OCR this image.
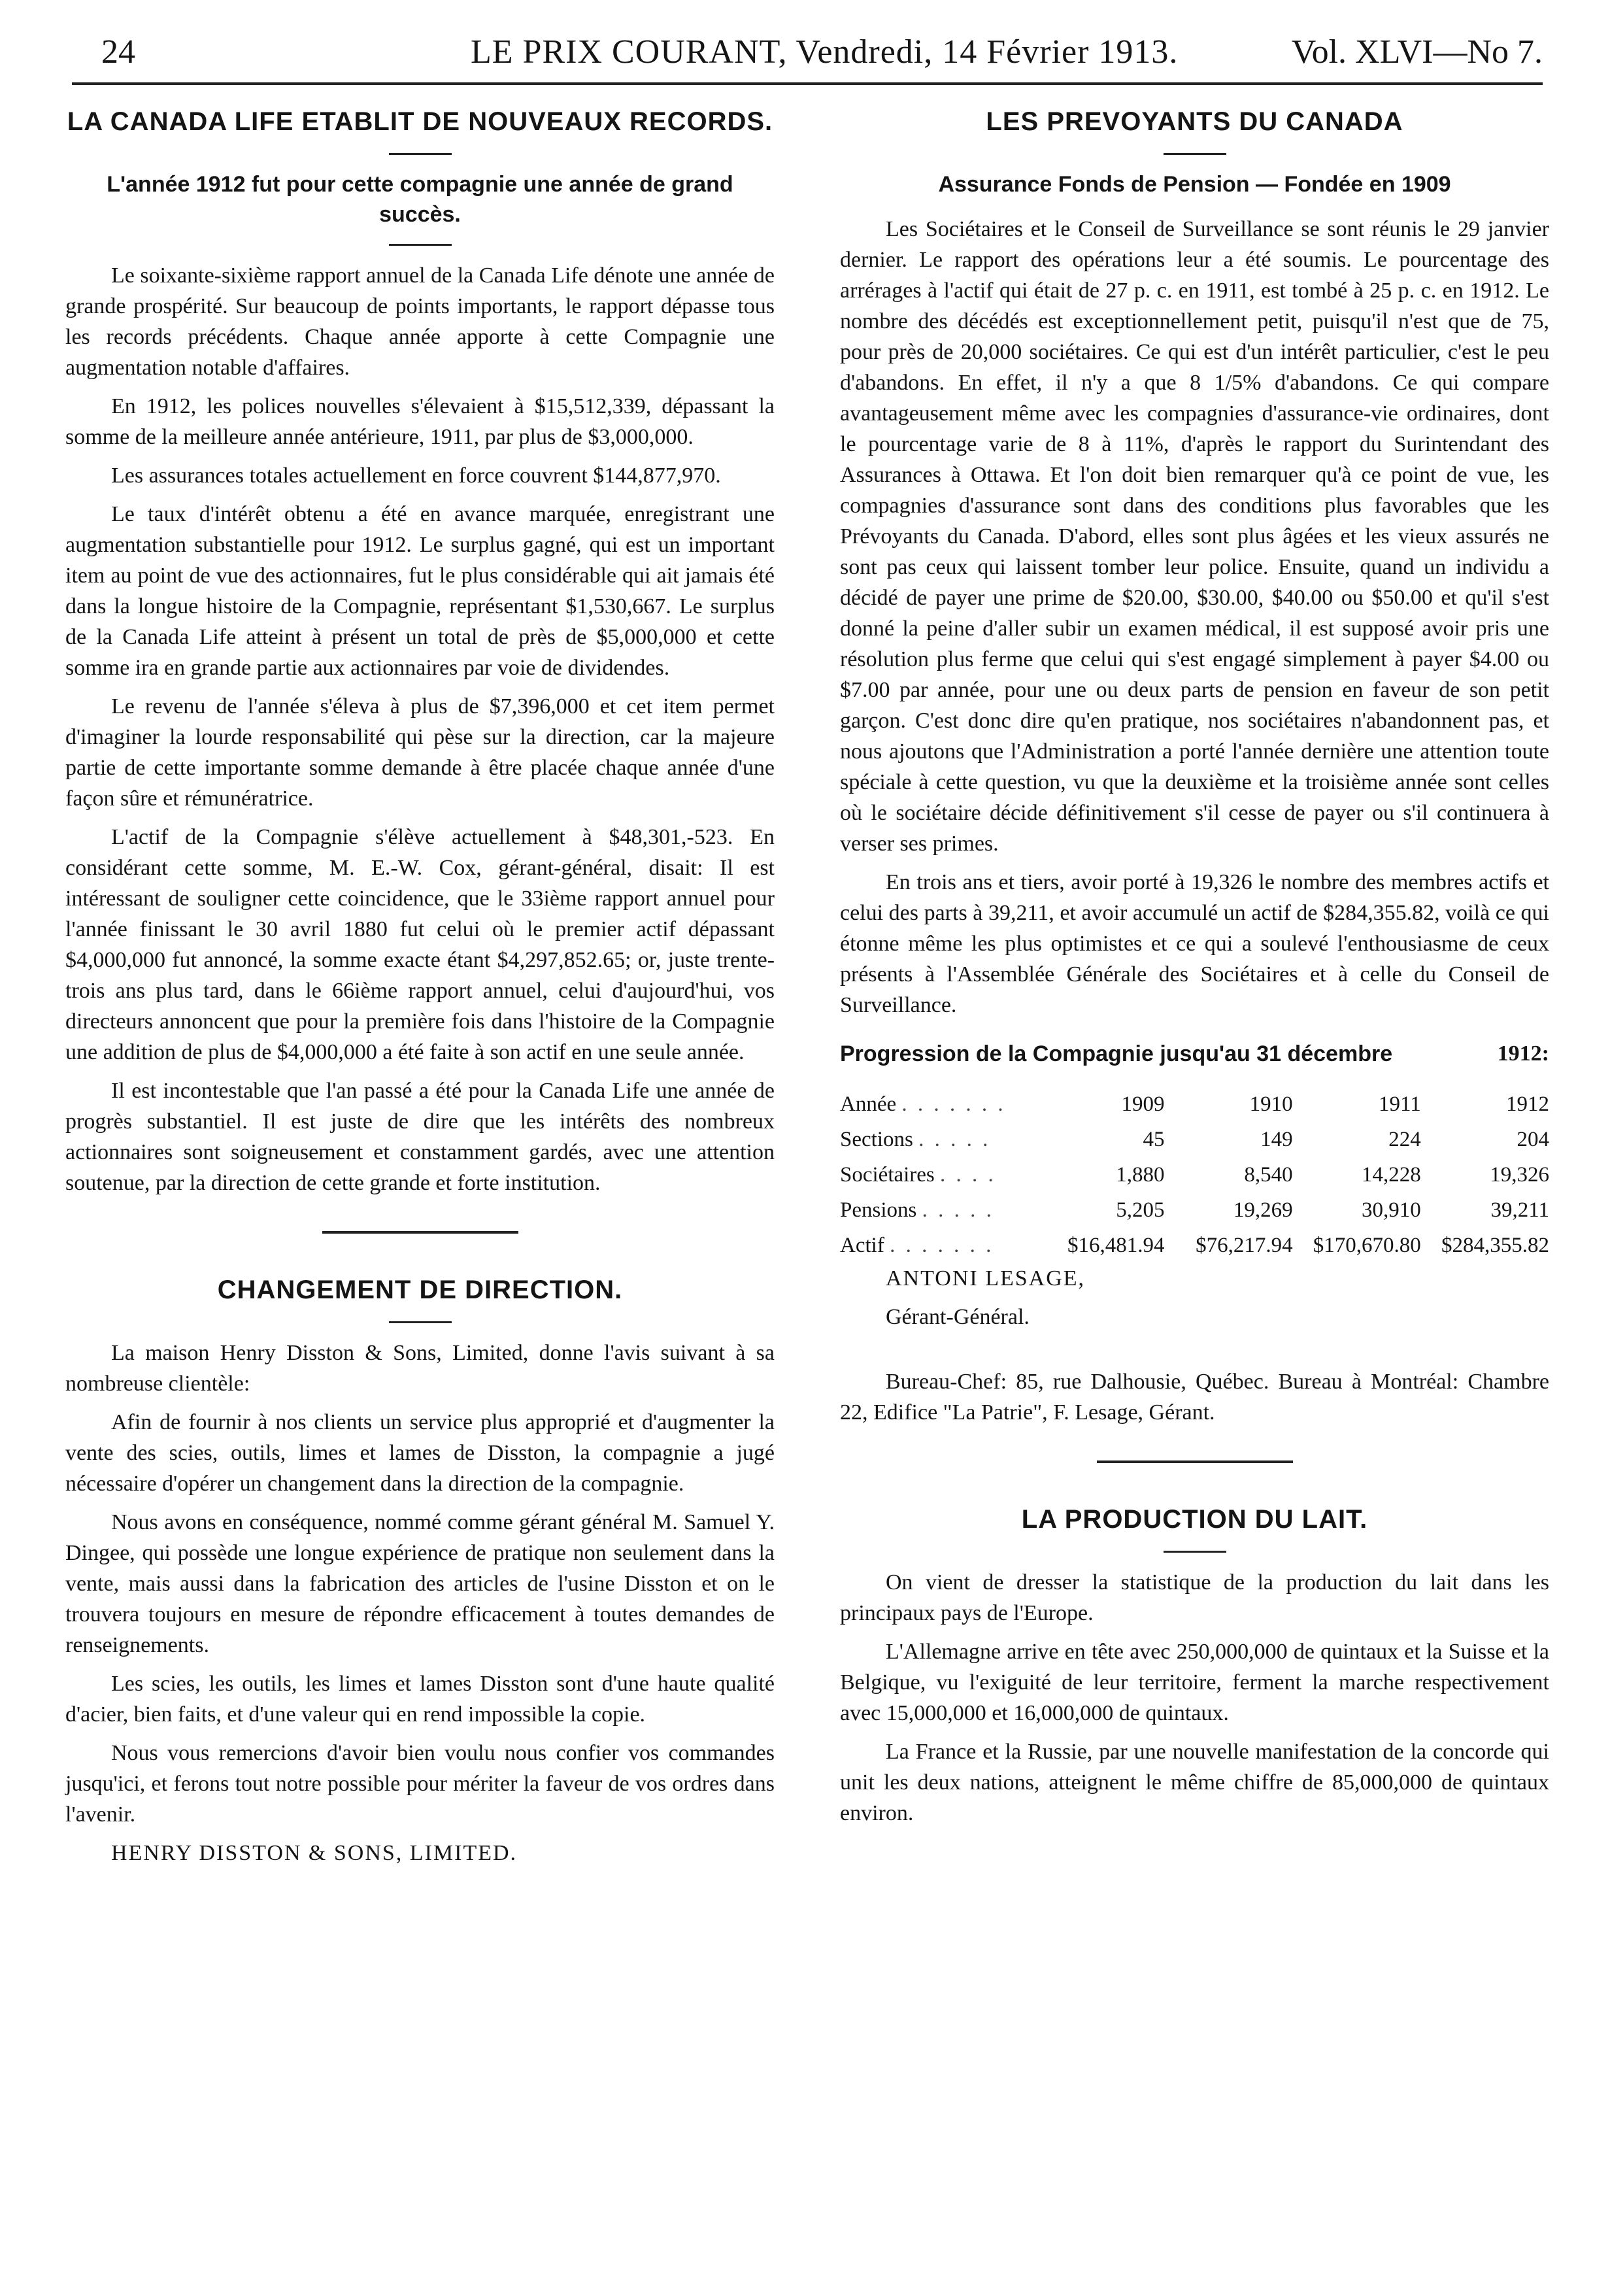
24	LE PRIX COURANT, Vendredi, 14 Février 1913.	Vol. XLVI—No 7.
LA CANADA LIFE ETABLIT DE NOUVEAUX RECORDS.
L'année 1912 fut pour cette compagnie une année de grand succès.

Le soixante-sixième rapport annuel de la Canada Life dénote une année de grande prospérité. Sur beaucoup de points importants, le rapport dépasse tous les records précédents. Chaque année apporte à cette Compagnie une augmentation notable d'affaires.

En 1912, les polices nouvelles s'élevaient à $15,512,339, dépassant la somme de la meilleure année antérieure, 1911, par plus de $3,000,000.

Les assurances totales actuellement en force couvrent $144,877,970.

Le taux d'intérêt obtenu a été en avance marquée, enregistrant une augmentation substantielle pour 1912. Le surplus gagné, qui est un important item au point de vue des actionnaires, fut le plus considérable qui ait jamais été dans la longue histoire de la Compagnie, représentant $1,530,667. Le surplus de la Canada Life atteint à présent un total de près de $5,000,000 et cette somme ira en grande partie aux actionnaires par voie de dividendes.

Le revenu de l'année s'éleva à plus de $7,396,000 et cet item permet d'imaginer la lourde responsabilité qui pèse sur la direction, car la majeure partie de cette importante somme demande à être placée chaque année d'une façon sûre et rémunératrice.

L'actif de la Compagnie s'élève actuellement à $48,301,-523. En considérant cette somme, M. E.-W. Cox, gérant-général, disait: Il est intéressant de souligner cette coincidence, que le 33ième rapport annuel pour l'année finissant le 30 avril 1880 fut celui où le premier actif dépassant $4,000,000 fut annoncé, la somme exacte étant $4,297,852.65; or, juste trente-trois ans plus tard, dans le 66ième rapport annuel, celui d'aujourd'hui, vos directeurs annoncent que pour la première fois dans l'histoire de la Compagnie une addition de plus de $4,000,000 a été faite à son actif en une seule année.

Il est incontestable que l'an passé a été pour la Canada Life une année de progrès substantiel. Il est juste de dire que les intérêts des nombreux actionnaires sont soigneusement et constamment gardés, avec une attention soutenue, par la direction de cette grande et forte institution.

CHANGEMENT DE DIRECTION.

La maison Henry Disston & Sons, Limited, donne l'avis suivant à sa nombreuse clientèle:

Afin de fournir à nos clients un service plus approprié et d'augmenter la vente des scies, outils, limes et lames de Disston, la compagnie a jugé nécessaire d'opérer un changement dans la direction de la compagnie.

Nous avons en conséquence, nommé comme gérant général M. Samuel Y. Dingee, qui possède une longue expérience de pratique non seulement dans la vente, mais aussi dans la fabrication des articles de l'usine Disston et on le trouvera toujours en mesure de répondre efficacement à toutes demandes de renseignements.

Les scies, les outils, les limes et lames Disston sont d'une haute qualité d'acier, bien faits, et d'une valeur qui en rend impossible la copie.

Nous vous remercions d'avoir bien voulu nous confier vos commandes jusqu'ici, et ferons tout notre possible pour mériter la faveur de vos ordres dans l'avenir.

HENRY DISSTON & SONS, LIMITED.

LES PREVOYANTS DU CANADA
Assurance Fonds de Pension — Fondée en 1909

Les Sociétaires et le Conseil de Surveillance se sont réunis le 29 janvier dernier. Le rapport des opérations leur a été soumis. Le pourcentage des arrérages à l'actif qui était de 27 p. c. en 1911, est tombé à 25 p. c. en 1912. Le nombre des décédés est exceptionnellement petit, puisqu'il n'est que de 75, pour près de 20,000 sociétaires. Ce qui est d'un intérêt particulier, c'est le peu d'abandons. En effet, il n'y a que 8 1/5% d'abandons. Ce qui compare avantageusement même avec les compagnies d'assurance-vie ordinaires, dont le pourcentage varie de 8 à 11%, d'après le rapport du Surintendant des Assurances à Ottawa. Et l'on doit bien remarquer qu'à ce point de vue, les compagnies d'assurance sont dans des conditions plus favorables que les Prévoyants du Canada. D'abord, elles sont plus âgées et les vieux assurés ne sont pas ceux qui laissent tomber leur police. Ensuite, quand un individu a décidé de payer une prime de $20.00, $30.00, $40.00 ou $50.00 et qu'il s'est donné la peine d'aller subir un examen médical, il est supposé avoir pris une résolution plus ferme que celui qui s'est engagé simplement à payer $4.00 ou $7.00 par année, pour une ou deux parts de pension en faveur de son petit garçon. C'est donc dire qu'en pratique, nos sociétaires n'abandonnent pas, et nous ajoutons que l'Administration a porté l'année dernière une attention toute spéciale à cette question, vu que la deuxième et la troisième année sont celles où le sociétaire décide définitivement s'il cesse de payer ou s'il continuera à verser ses primes.

En trois ans et tiers, avoir porté à 19,326 le nombre des membres actifs et celui des parts à 39,211, et avoir accumulé un actif de $284,355.82, voilà ce qui étonne même les plus optimistes et ce qui a soulevé l'enthousiasme de ceux présents à l'Assemblée Générale des Sociétaires et à celle du Conseil de Surveillance.

Progression de la Compagnie jusqu'au 31 décembre	1912:
Année . . . . . . .	1909	1910	1911	1912
Sections . . . . .	45	149	224	204
Sociétaires . . . .	1,880	8,540	14,228	19,326
Pensions . . . . .	5,205	19,269	30,910	39,211
Actif . . . . . . .	$16,481.94	$76,217.94	$170,670.80	$284,355.82

ANTONI LESAGE,

Gérant-Général.

Bureau-Chef: 85, rue Dalhousie, Québec. Bureau à Montréal: Chambre 22, Edifice "La Patrie", F. Lesage, Gérant.

LA PRODUCTION DU LAIT.

On vient de dresser la statistique de la production du lait dans les principaux pays de l'Europe.

L'Allemagne arrive en tête avec 250,000,000 de quintaux et la Suisse et la Belgique, vu l'exiguité de leur territoire, ferment la marche respectivement avec 15,000,000 et 16,000,000 de quintaux.

La France et la Russie, par une nouvelle manifestation de la concorde qui unit les deux nations, atteignent le même chiffre de 85,000,000 de quintaux environ.
